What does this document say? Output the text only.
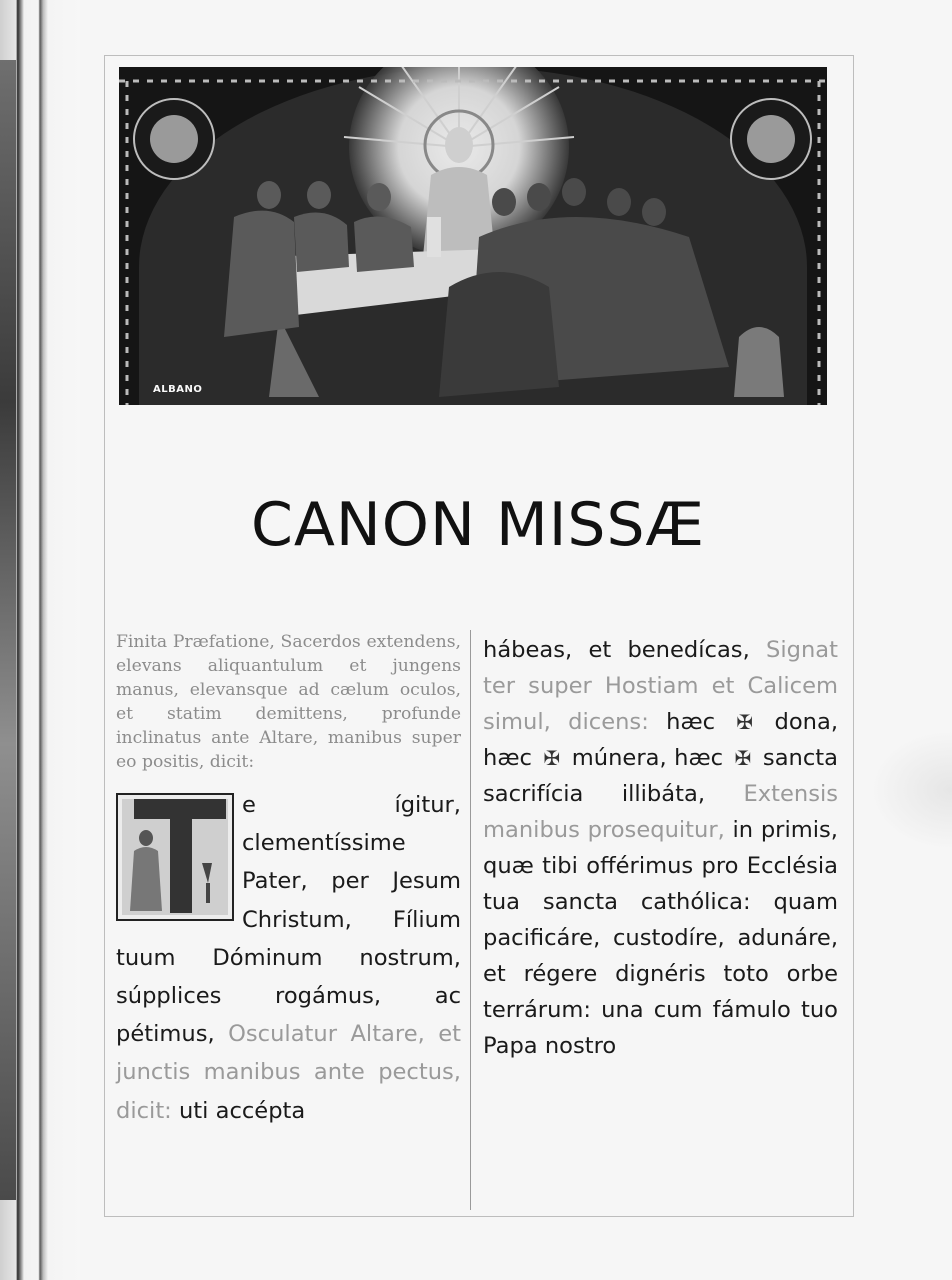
ALBANO
CANON MISSÆ

Finita Præfatione, Sacerdos extendens, elevans aliquantulum et jungens manus, elevansque ad cælum oculos, et statim demittens, profunde inclinatus ante Altare, manibus super eo positis, dicit:

e ígitur, clementíssime Pater, per Jesum Christum, Fílium tuum Dóminum nostrum, súpplices rogámus, ac pétimus, Osculatur Altare, et junctis manibus ante pectus, dicit: uti accépta

hábeas, et benedícas, Signat ter super Hostiam et Calicem simul, dicens: hæc ✠ dona, hæc ✠ múnera, hæc ✠ sancta sacrifícia illibáta, Extensis manibus prosequitur, in primis, quæ tibi offérimus pro Ecclésia tua sancta cathólica: quam pacificáre, custodíre, adunáre, et régere dignéris toto orbe terrárum: una cum fámulo tuo Papa nostro
